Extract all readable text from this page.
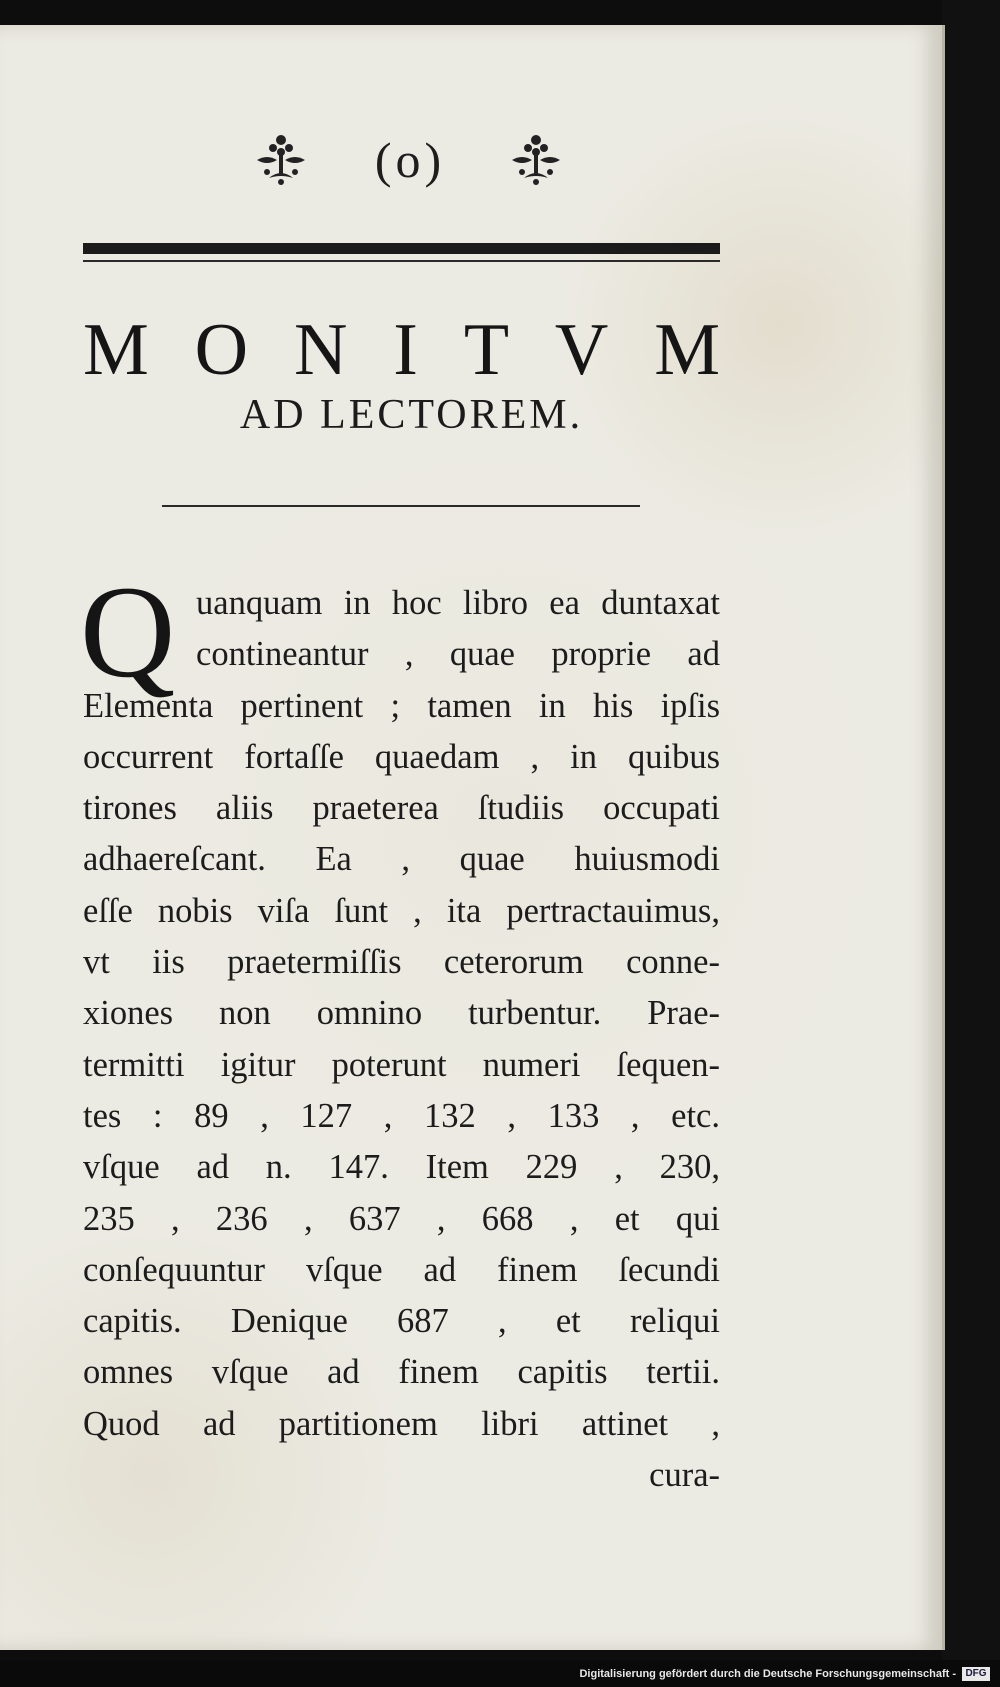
(o)
M O N I T V M
AD LECTOREM.
Q uanquam in hoc libro ea duntaxat
contineantur , quae proprie ad
Elementa pertinent ; tamen in his ipſis
occurrent fortaſſe quaedam , in quibus
tirones aliis praeterea ſtudiis occupati
adhaereſcant. Ea , quae huiusmodi
eſſe nobis viſa ſunt , ita pertractauimus,
vt iis praetermiſſis ceterorum conne-
xiones non omnino turbentur. Prae-
termitti igitur poterunt numeri ſequen-
tes : 89 , 127 , 132 , 133 , etc.
vſque ad n. 147. Item 229 , 230,
235 , 236 , 637 , 668 , et qui
conſequuntur vſque ad finem ſecundi
capitis. Denique 687 , et reliqui
omnes vſque ad finem capitis tertii.
Quod ad partitionem libri attinet ,
cura-
Digitalisierung gefördert durch die Deutsche Forschungsgemeinschaft - DFG
